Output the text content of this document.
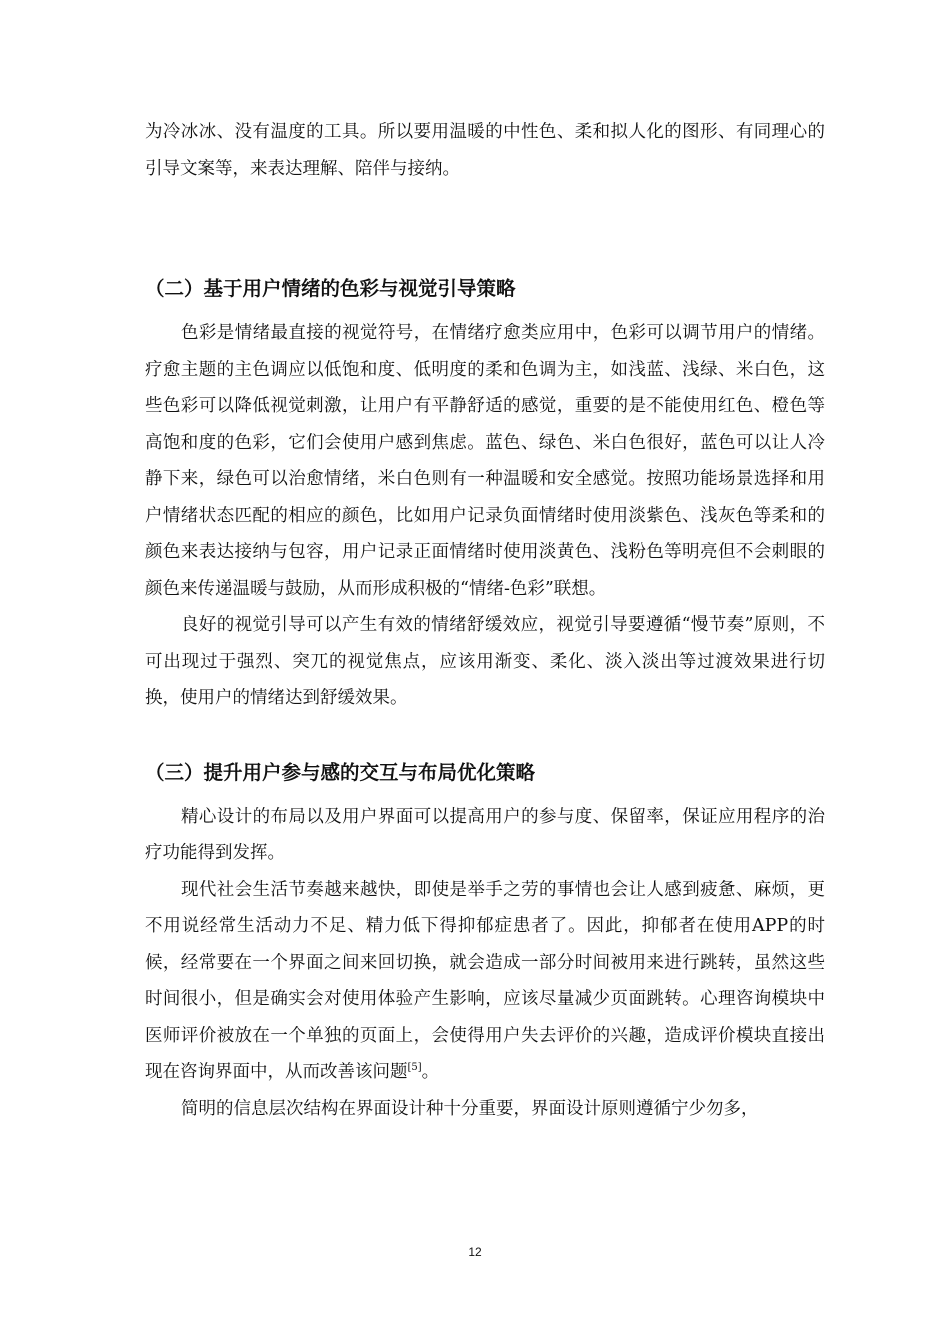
为冷冰冰、没有温度的工具。所以要用温暖的中性色、柔和拟人化的图形、有同理心的引导文案等，来表达理解、陪伴与接纳。

（二）基于用户情绪的色彩与视觉引导策略

色彩是情绪最直接的视觉符号，在情绪疗愈类应用中，色彩可以调节用户的情绪。疗愈主题的主色调应以低饱和度、低明度的柔和色调为主，如浅蓝、浅绿、米白色，这些色彩可以降低视觉刺激，让用户有平静舒适的感觉，重要的是不能使用红色、橙色等高饱和度的色彩，它们会使用户感到焦虑。蓝色、绿色、米白色很好，蓝色可以让人冷静下来，绿色可以治愈情绪，米白色则有一种温暖和安全感觉。按照功能场景选择和用户情绪状态匹配的相应的颜色，比如用户记录负面情绪时使用淡紫色、浅灰色等柔和的颜色来表达接纳与包容，用户记录正面情绪时使用淡黄色、浅粉色等明亮但不会刺眼的颜色来传递温暖与鼓励，从而形成积极的“情绪-色彩”联想。

良好的视觉引导可以产生有效的情绪舒缓效应，视觉引导要遵循“慢节奏”原则，不可出现过于强烈、突兀的视觉焦点，应该用渐变、柔化、淡入淡出等过渡效果进行切换，使用户的情绪达到舒缓效果。

（三）提升用户参与感的交互与布局优化策略

精心设计的布局以及用户界面可以提高用户的参与度、保留率，保证应用程序的治疗功能得到发挥。

现代社会生活节奏越来越快，即使是举手之劳的事情也会让人感到疲惫、麻烦，更不用说经常生活动力不足、精力低下得抑郁症患者了。因此，抑郁者在使用APP的时候，经常要在一个界面之间来回切换，就会造成一部分时间被用来进行跳转，虽然这些时间很小，但是确实会对使用体验产生影响，应该尽量减少页面跳转。心理咨询模块中医师评价被放在一个单独的页面上，会使得用户失去评价的兴趣，造成评价模块直接出现在咨询界面中，从而改善该问题[5]。

简明的信息层次结构在界面设计种十分重要，界面设计原则遵循宁少勿多，

12
